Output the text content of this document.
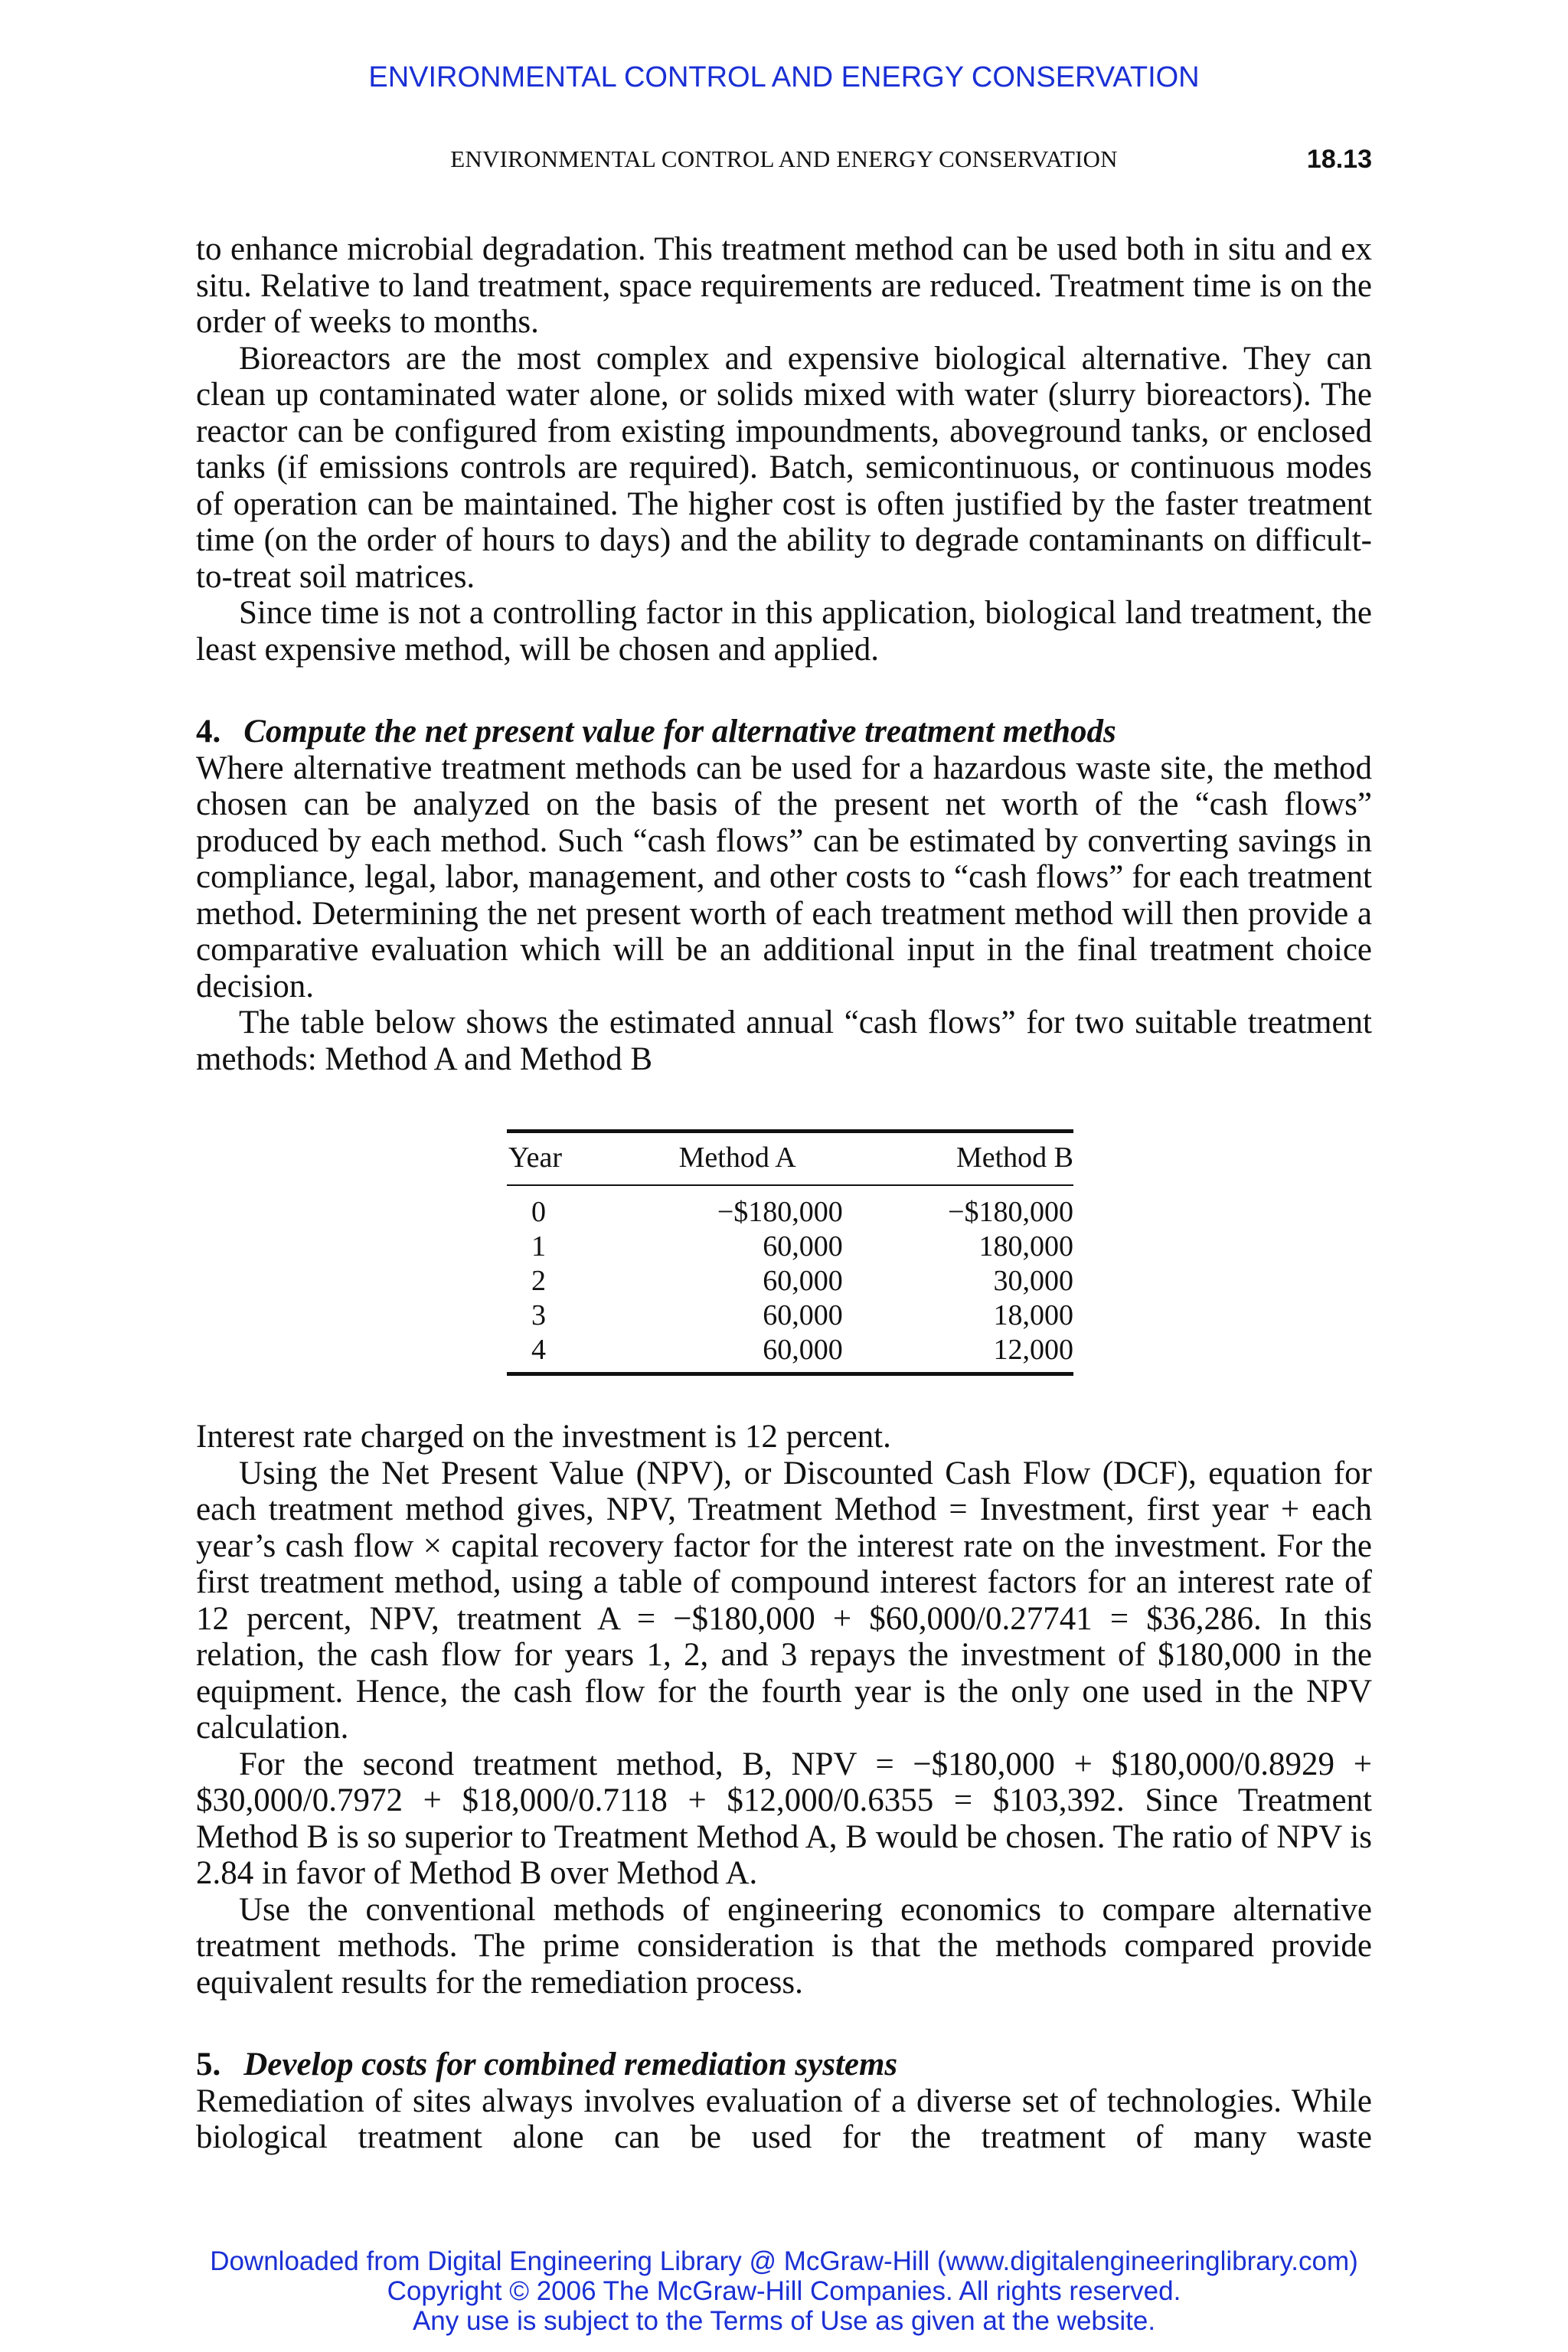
ENVIRONMENTAL CONTROL AND ENERGY CONSERVATION
ENVIRONMENTAL CONTROL AND ENERGY CONSERVATION	18.13

to enhance microbial degradation. This treatment method can be used both in situ and ex situ. Relative to land treatment, space requirements are reduced. Treatment time is on the order of weeks to months.

Bioreactors are the most complex and expensive biological alternative. They can clean up contaminated water alone, or solids mixed with water (slurry bioreactors). The reactor can be configured from existing impoundments, aboveground tanks, or enclosed tanks (if emissions controls are required). Batch, semicontinuous, or continuous modes of operation can be maintained. The higher cost is often justified by the faster treatment time (on the order of hours to days) and the ability to degrade contaminants on difficult-to-treat soil matrices.

Since time is not a controlling factor in this application, biological land treatment, the least expensive method, will be chosen and applied.

4. Compute the net present value for alternative treatment methods

Where alternative treatment methods can be used for a hazardous waste site, the method chosen can be analyzed on the basis of the present net worth of the “cash flows” produced by each method. Such “cash flows” can be estimated by converting savings in compliance, legal, labor, management, and other costs to “cash flows” for each treatment method. Determining the net present worth of each treatment method will then provide a comparative evaluation which will be an additional input in the final treatment choice decision.

The table below shows the estimated annual “cash flows” for two suitable treatment methods: Method A and Method B

Year	Method A	Method B
0	−$180,000	−$180,000
1	60,000	180,000
2	60,000	30,000
3	60,000	18,000
4	60,000	12,000

Interest rate charged on the investment is 12 percent.

Using the Net Present Value (NPV), or Discounted Cash Flow (DCF), equation for each treatment method gives, NPV, Treatment Method = Investment, first year + each year’s cash flow × capital recovery factor for the interest rate on the investment. For the first treatment method, using a table of compound interest factors for an interest rate of 12 percent, NPV, treatment A = −$180,000 + $60,000/0.27741 = $36,286. In this relation, the cash flow for years 1, 2, and 3 repays the investment of $180,000 in the equipment. Hence, the cash flow for the fourth year is the only one used in the NPV calculation.

For the second treatment method, B, NPV = −$180,000 + $180,000/0.8929 + $30,000/0.7972 + $18,000/0.7118 + $12,000/0.6355 = $103,392. Since Treatment Method B is so superior to Treatment Method A, B would be chosen. The ratio of NPV is 2.84 in favor of Method B over Method A.

Use the conventional methods of engineering economics to compare alternative treatment methods. The prime consideration is that the methods compared provide equivalent results for the remediation process.

5. Develop costs for combined remediation systems

Remediation of sites always involves evaluation of a diverse set of technologies. While biological treatment alone can be used for the treatment of many waste

Downloaded from Digital Engineering Library @ McGraw-Hill (www.digitalengineeringlibrary.com)
Copyright © 2006 The McGraw-Hill Companies. All rights reserved.
Any use is subject to the Terms of Use as given at the website.
